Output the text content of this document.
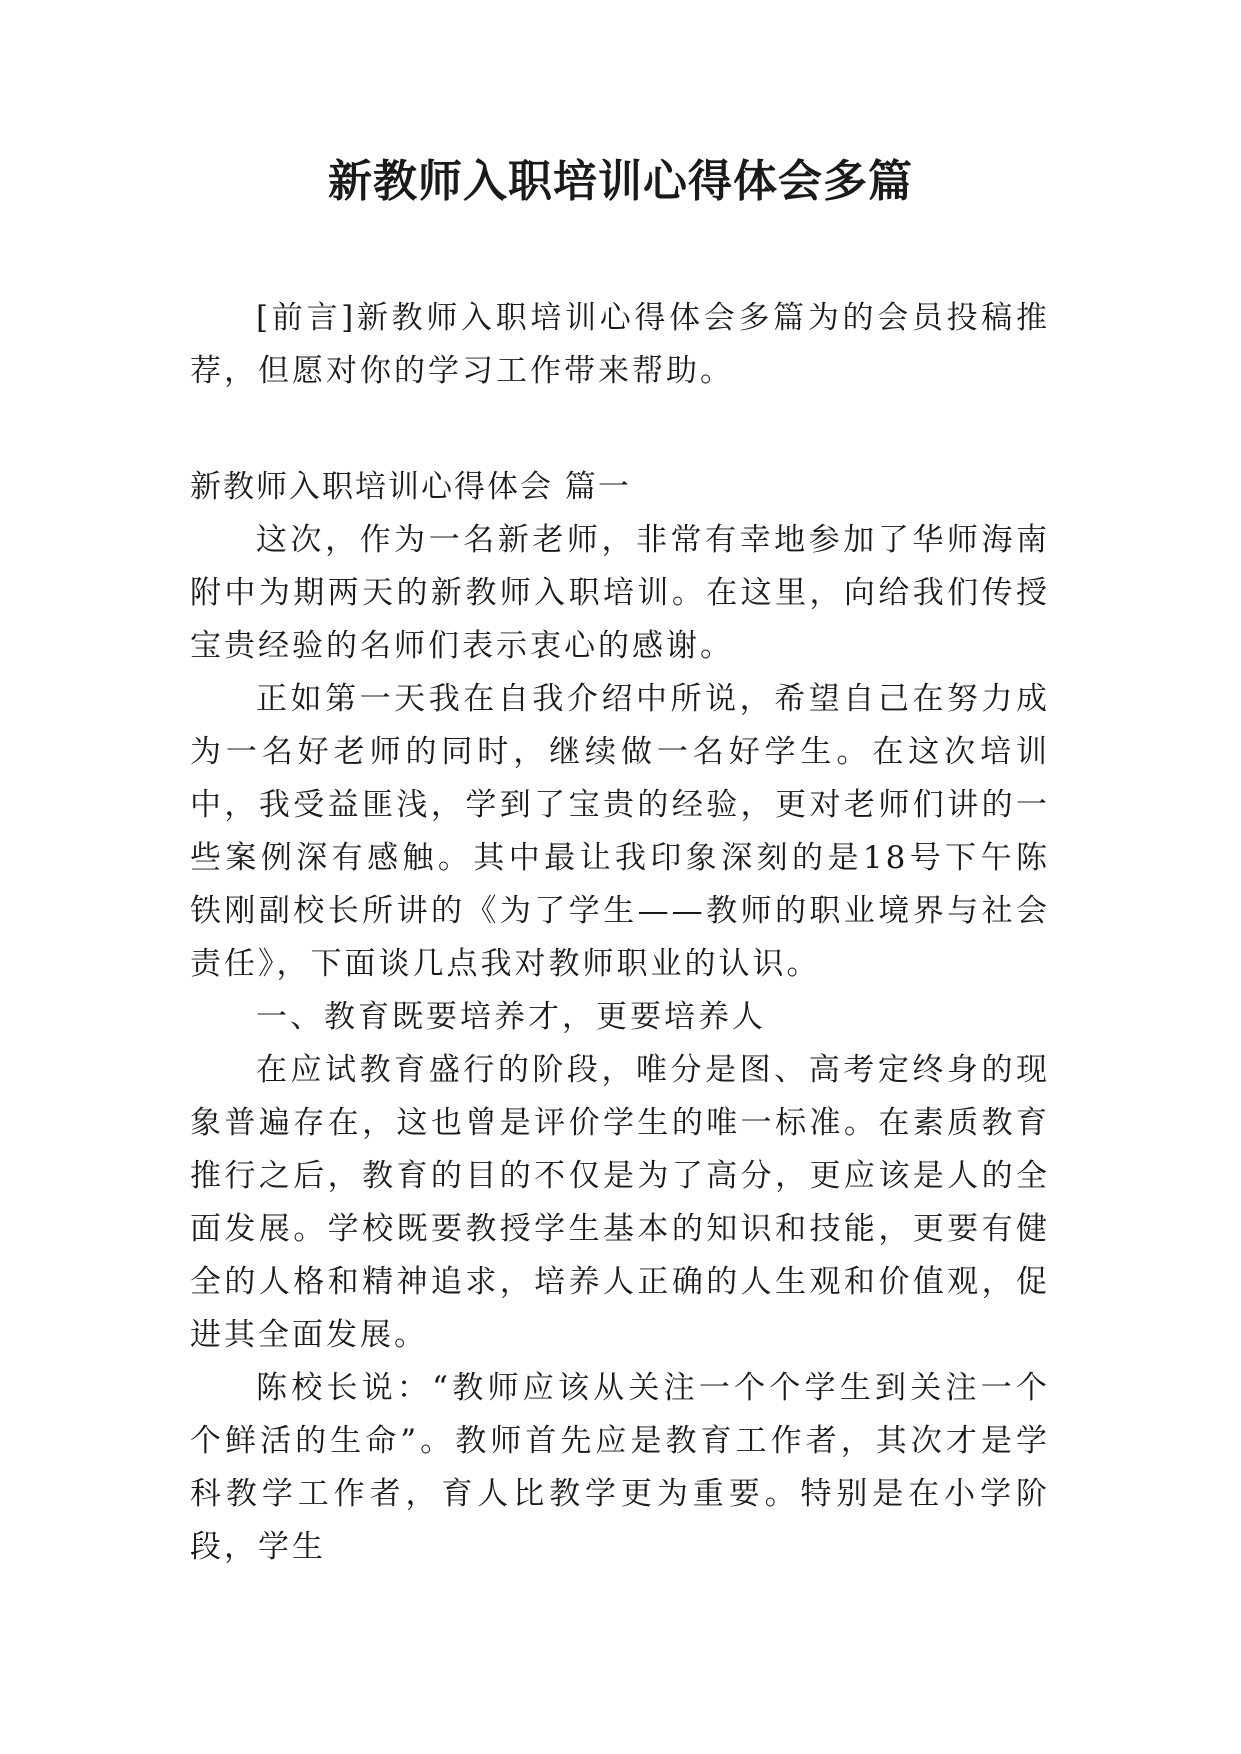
新教师入职培训心得体会多篇

[前言]新教师入职培训心得体会多篇为的会员投稿推荐，但愿对你的学习工作带来帮助。

新教师入职培训心得体会 篇一

这次，作为一名新老师，非常有幸地参加了华师海南附中为期两天的新教师入职培训。在这里，向给我们传授宝贵经验的名师们表示衷心的感谢。

正如第一天我在自我介绍中所说，希望自己在努力成为一名好老师的同时，继续做一名好学生。在这次培训中，我受益匪浅，学到了宝贵的经验，更对老师们讲的一些案例深有感触。其中最让我印象深刻的是18号下午陈铁刚副校长所讲的《为了学生——教师的职业境界与社会责任》，下面谈几点我对教师职业的认识。

一、教育既要培养才，更要培养人

在应试教育盛行的阶段，唯分是图、高考定终身的现象普遍存在，这也曾是评价学生的唯一标准。在素质教育推行之后，教育的目的不仅是为了高分，更应该是人的全面发展。学校既要教授学生基本的知识和技能，更要有健全的人格和精神追求，培养人正确的人生观和价值观，促进其全面发展。

陈校长说：“教师应该从关注一个个学生到关注一个个鲜活的生命”。教师首先应是教育工作者，其次才是学科教学工作者，育人比教学更为重要。特别是在小学阶段，学生
